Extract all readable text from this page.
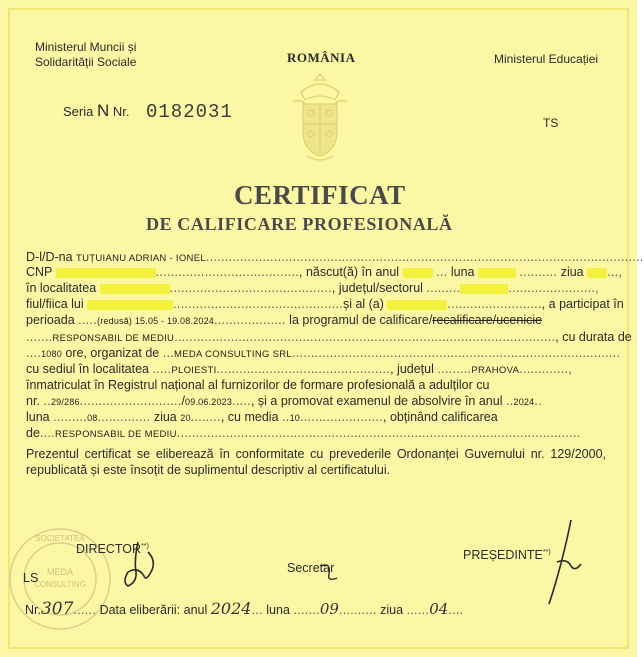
Ministerul Muncii și
Solidarității Sociale	ROMÂNIA	Ministerul Educației
Seria N Nr. 0182031	TS
CERTIFICAT
DE CALIFICARE PROFESIONALĂ
D-l/D-na TUȚUIANU ADRIAN - IONEL....................................................................................................................
CNP	......................................, născut(ă) în anul	... luna	.......... ziua ...,
în localitatea	..........................................., județul/sectorul .........	.......................,
fiul/fiica lui	.............................................și al (a)	........................., a participat în
perioada .....(redusă) 15.05 - 19.08.2024................... la programul de calificare/recalificare/ucenicie
.......RESPONSABIL DE MEDIU....................................................................................................., cu durata de
....1080 ore, organizat de ...MEDA CONSULTING SRL.......................................................................................
cu sediul în localitatea .....PLOIESTI.............................................., județul .........PRAHOVA.............,
înmatriculat în Registrul național al furnizorilor de formare profesională a adulților cu
nr. ..29/286.........................../09.06.2023....., și a promovat examenul de absolvire în anul ..2024..
luna .........08.............. ziua 20........, cu media ..10......................, obținând calificarea
de....RESPONSABIL DE MEDIU...........................................................................................................
Prezentul certificat se eliberează în conformitate cu prevederile Ordonanței Guvernului nr. 129/2000, republicată și este însoțit de suplimentul descriptiv al certificatului.
SOCIETATEA
MEDA
CONSULTING
DIRECTOR**)
LS
Secretar
PREȘEDINTE**)
Nr.307...... Data eliberării: anul 2024... luna .......09.......... ziua ......04....
